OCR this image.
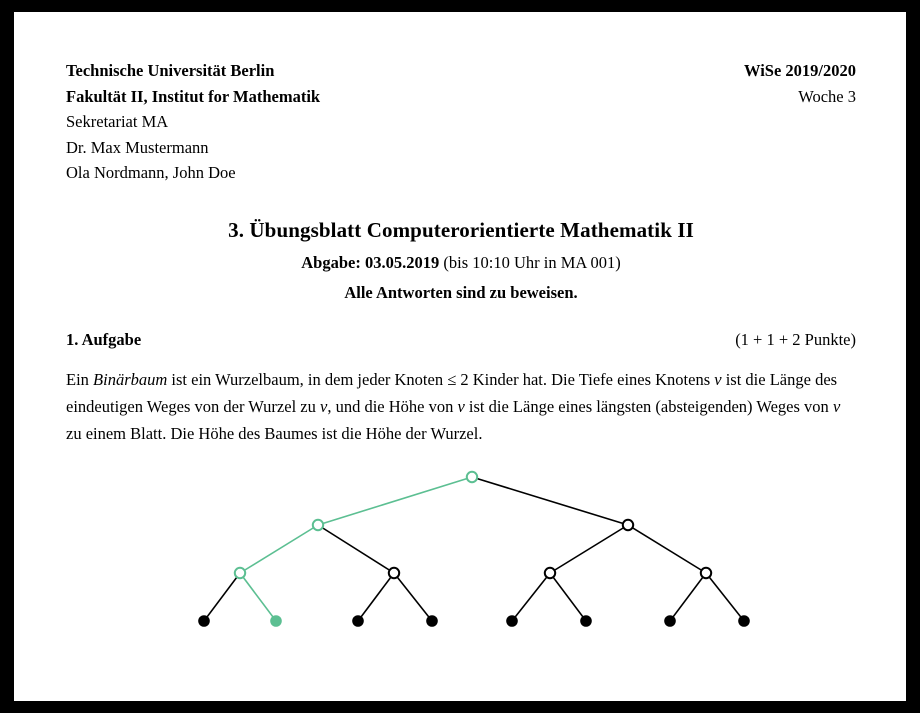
Technische Universität Berlin	WiSe 2019/2020
Fakultät II, Institut for Mathematik	Woche 3
Sekretariat MA
Dr. Max Mustermann
Ola Nordmann, John Doe
3. Übungsblatt Computerorientierte Mathematik II
Abgabe: 03.05.2019 (bis 10:10 Uhr in MA 001)
Alle Antworten sind zu beweisen.
1. Aufgabe	(1 + 1 + 2 Punkte)
Ein Binärbaum ist ein Wurzelbaum, in dem jeder Knoten ≤ 2 Kinder hat. Die Tiefe eines Knotens v ist die Länge des eindeutigen Weges von der Wurzel zu v, und die Höhe von v ist die Länge eines längsten (absteigenden) Weges von v zu einem Blatt. Die Höhe des Baumes ist die Höhe der Wurzel.
